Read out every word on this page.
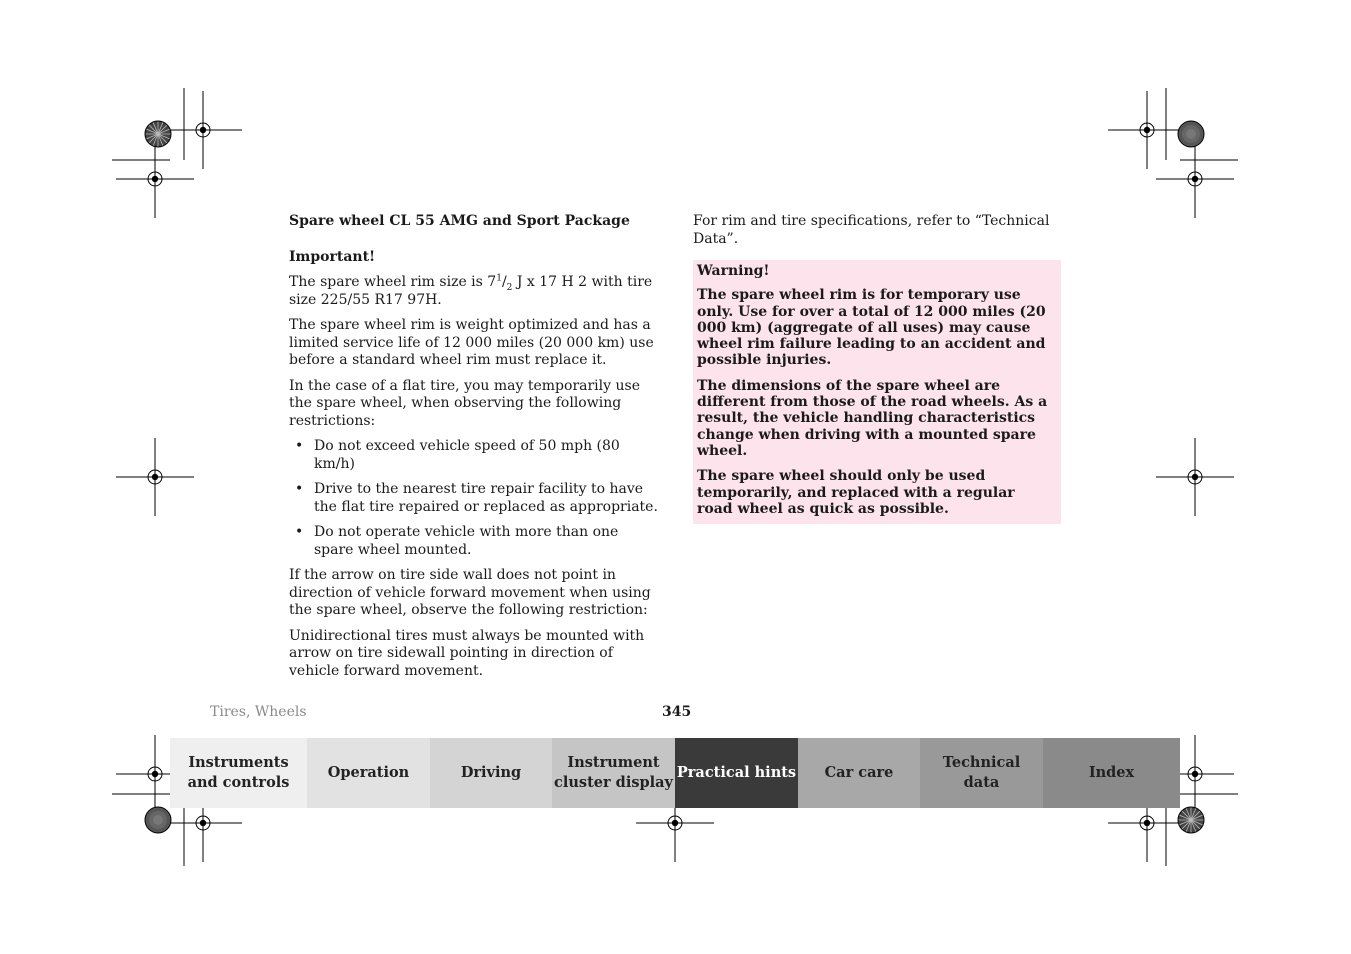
Spare wheel CL 55 AMG and Sport Package

Important!

The spare wheel rim size is $7^1/_2$ J x 17 H 2 with tire size 225/55 R17 97H.

The spare wheel rim is weight optimized and has a limited service life of 12 000 miles (20 000 km) use before a standard wheel rim must replace it.

In the case of a flat tire, you may temporarily use the spare wheel, when observing the following restrictions:

• Do not exceed vehicle speed of 50 mph (80 km/h)
• Drive to the nearest tire repair facility to have the flat tire repaired or replaced as appropriate.
• Do not operate vehicle with more than one spare wheel mounted.

If the arrow on tire side wall does not point in direction of vehicle forward movement when using the spare wheel, observe the following restriction:

Unidirectional tires must always be mounted with arrow on tire sidewall pointing in direction of vehicle forward movement.

For rim and tire specifications, refer to “Technical Data”.

Warning!

The spare wheel rim is for temporary use only. Use for over a total of 12 000 miles (20 000 km) (aggregate of all uses) may cause wheel rim failure leading to an accident and possible injuries.

The dimensions of the spare wheel are different from those of the road wheels. As a result, the vehicle handling characteristics change when driving with a mounted spare wheel.

The spare wheel should only be used temporarily, and replaced with a regular road wheel as quick as possible.

Tires, Wheels	345
Instruments
and controls
Operation	Driving
Instrument
cluster display
Practical hints Car care
Technical
data
Index
